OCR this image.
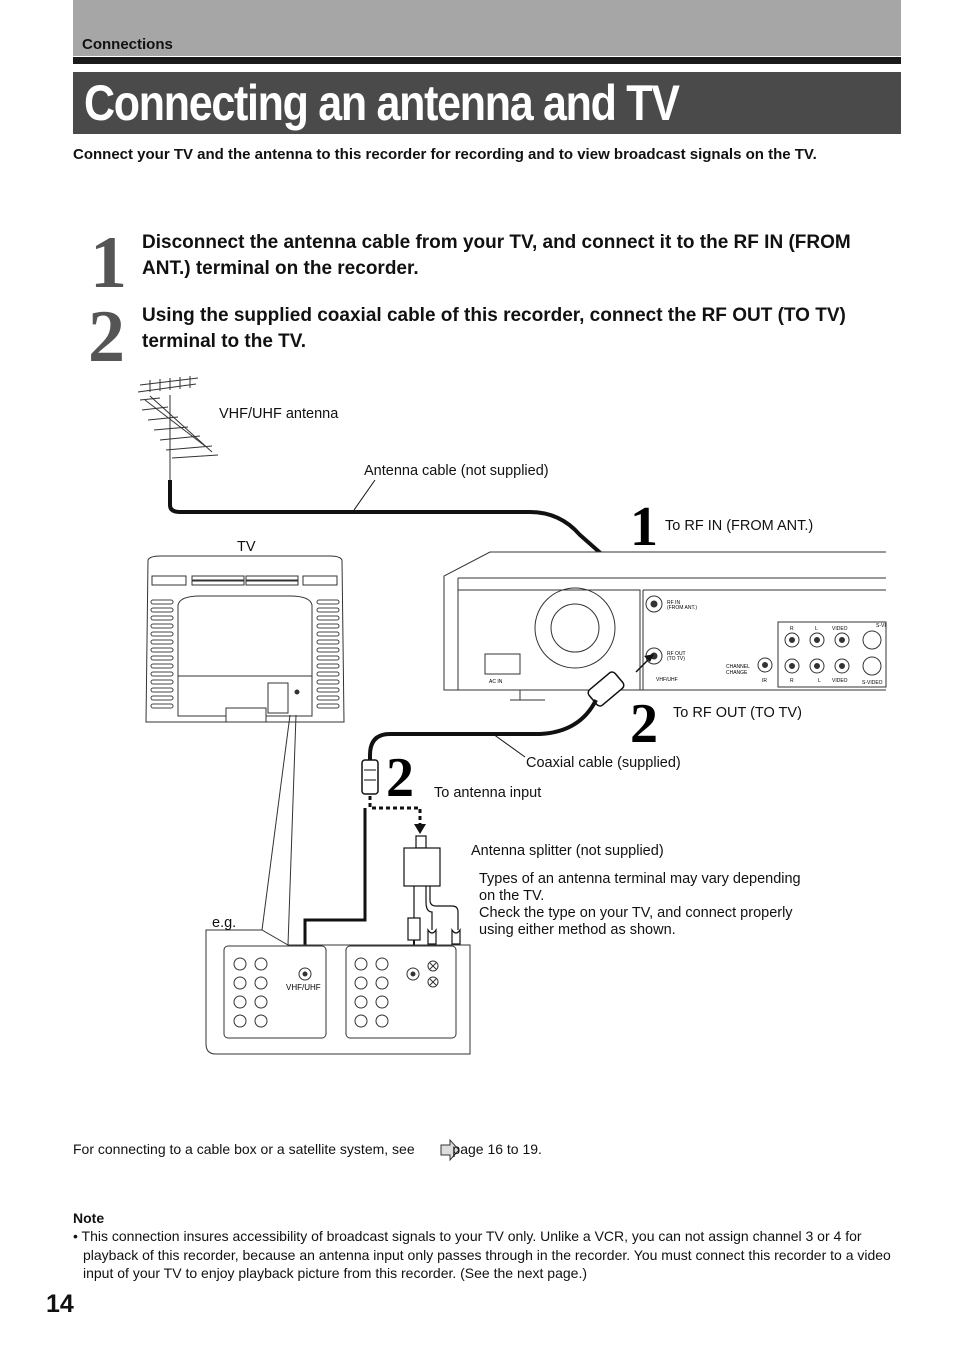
Connections
Connecting an antenna and TV
Connect your TV and the antenna to this recorder for recording and to view broadcast signals on the TV.
1 Disconnect the antenna cable from your TV, and connect it to the RF IN (FROM ANT.) terminal on the recorder.
2 Using the supplied coaxial cable of this recorder, connect the RF OUT (TO TV) terminal to the TV.
RF IN
(FROM ANT.)
RF OUT
(TO TV)
VHF/UHF
AC IN
CHANNEL
CHANGE
R	L	VIDEO	S-VI
IR	R	L VIDEO	S-VIDEO
VHF/UHF
1
2
2
VHF/UHF antenna
Antenna cable (not supplied)
TV
To RF IN (FROM ANT.)
To RF OUT (TO TV)
Coaxial cable (supplied)
To antenna input
Antenna splitter (not supplied)
Types of an antenna terminal may vary depending on the TV.
Check the type on your TV, and connect properly using either method as shown.
e.g.
For connecting to a cable box or a satellite system, see	page 16 to 19.
Note
• This connection insures accessibility of broadcast signals to your TV only. Unlike a VCR, you can not assign channel 3 or 4 for playback of this recorder, because an antenna input only passes through in the recorder. You must connect this recorder to a video input of your TV to enjoy playback picture from this recorder. (See the next page.)
14
